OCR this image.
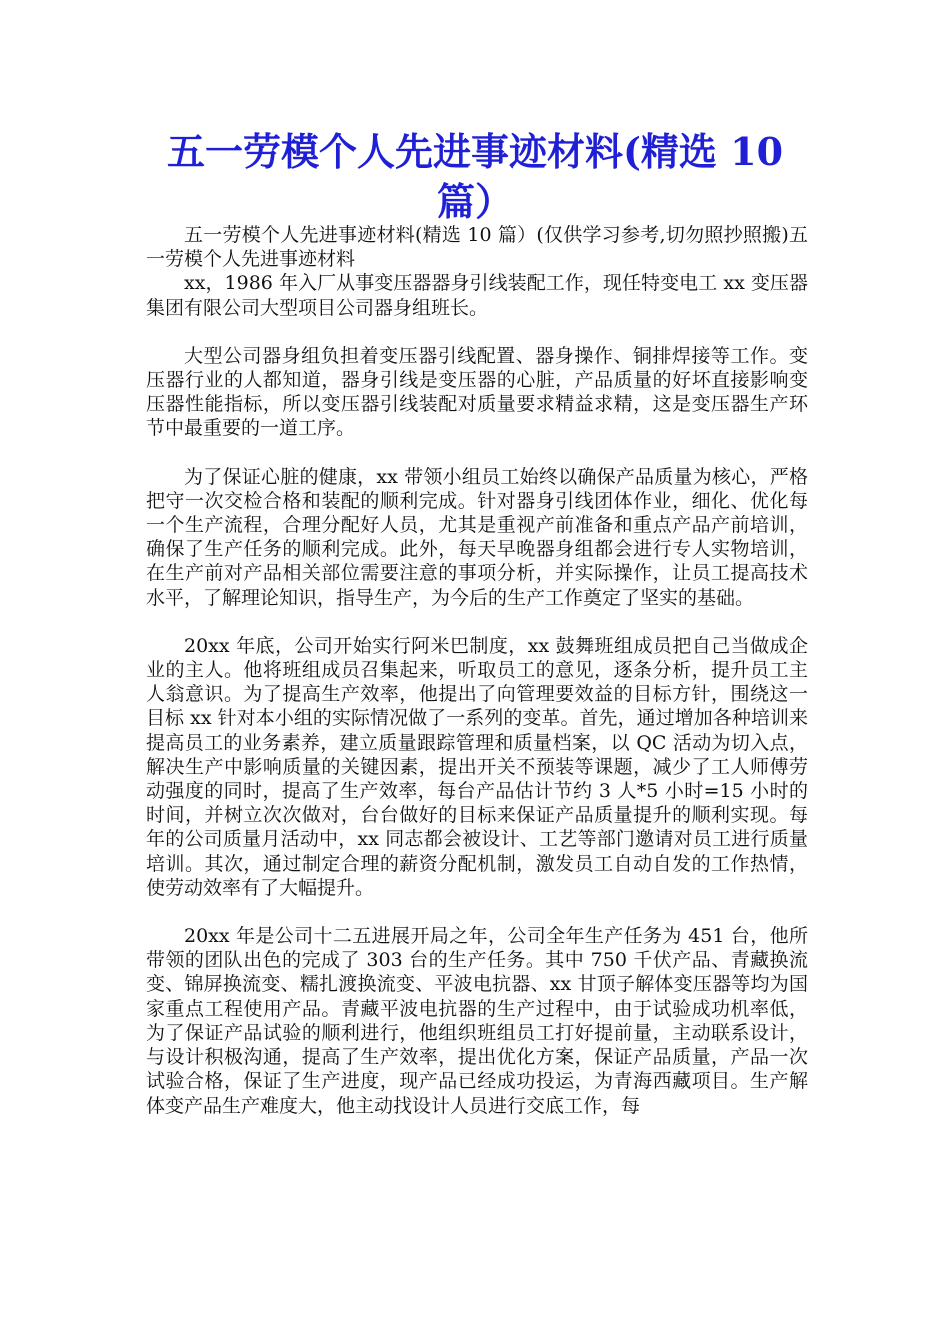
五一劳模个人先进事迹材料(精选 10 篇）

五一劳模个人先进事迹材料(精选 10 篇）(仅供学习参考,切勿照抄照搬)五一劳模个人先进事迹材料

xx，1986 年入厂从事变压器器身引线装配工作，现任特变电工 xx 变压器集团有限公司大型项目公司器身组班长。

大型公司器身组负担着变压器引线配置、器身操作、铜排焊接等工作。变压器行业的人都知道，器身引线是变压器的心脏，产品质量的好坏直接影响变压器性能指标，所以变压器引线装配对质量要求精益求精，这是变压器生产环节中最重要的一道工序。

为了保证心脏的健康，xx 带领小组员工始终以确保产品质量为核心，严格把守一次交检合格和装配的顺利完成。针对器身引线团体作业，细化、优化每一个生产流程，合理分配好人员，尤其是重视产前准备和重点产品产前培训，确保了生产任务的顺利完成。此外，每天早晚器身组都会进行专人实物培训，在生产前对产品相关部位需要注意的事项分析，并实际操作，让员工提高技术水平，了解理论知识，指导生产，为今后的生产工作奠定了坚实的基础。

20xx 年底，公司开始实行阿米巴制度，xx 鼓舞班组成员把自己当做成企业的主人。他将班组成员召集起来，听取员工的意见，逐条分析，提升员工主人翁意识。为了提高生产效率，他提出了向管理要效益的目标方针，围绕这一目标 xx 针对本小组的实际情况做了一系列的变革。首先，通过增加各种培训来提高员工的业务素养，建立质量跟踪管理和质量档案，以 QC 活动为切入点，解决生产中影响质量的关键因素，提出开关不预装等课题，减少了工人师傅劳动强度的同时，提高了生产效率，每台产品估计节约 3 人*5 小时=15 小时的时间，并树立次次做对，台台做好的目标来保证产品质量提升的顺利实现。每年的公司质量月活动中，xx 同志都会被设计、工艺等部门邀请对员工进行质量培训。其次，通过制定合理的薪资分配机制，激发员工自动自发的工作热情，使劳动效率有了大幅提升。

20xx 年是公司十二五进展开局之年，公司全年生产任务为 451 台，他所带领的团队出色的完成了 303 台的生产任务。其中 750 千伏产品、青藏换流变、锦屏换流变、糯扎渡换流变、平波电抗器、xx 甘顶子解体变压器等均为国家重点工程使用产品。青藏平波电抗器的生产过程中，由于试验成功机率低，为了保证产品试验的顺利进行，他组织班组员工打好提前量，主动联系设计，与设计积极沟通，提高了生产效率，提出优化方案，保证产品质量，产品一次试验合格，保证了生产进度，现产品已经成功投运，为青海西藏项目。生产解体变产品生产难度大，他主动找设计人员进行交底工作，每
